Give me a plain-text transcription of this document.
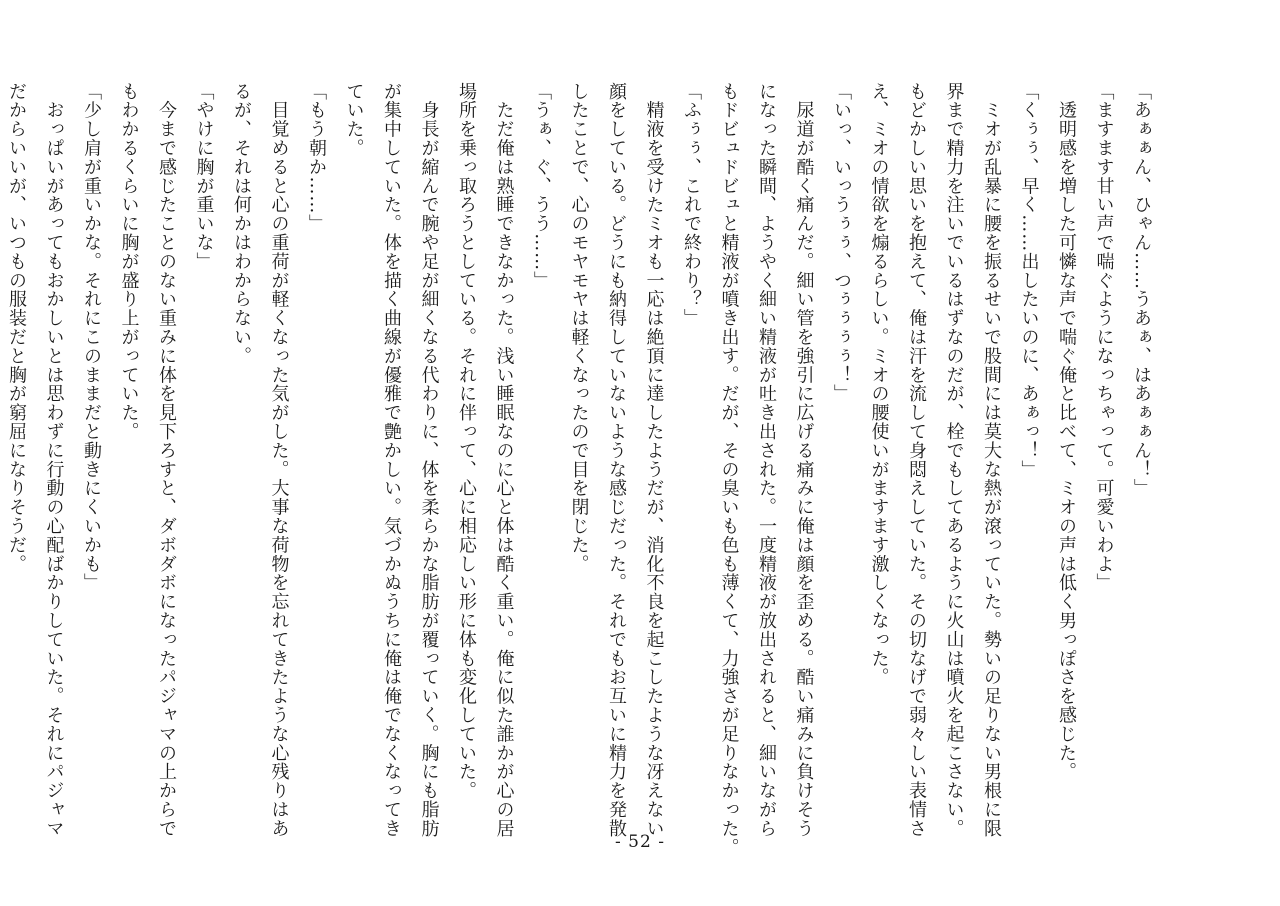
「あぁぁん、ひゃん……うあぁ、はあぁぁん！」
「ますます甘い声で喘ぐようになっちゃって。可愛いわよ」
　透明感を増した可憐な声で喘ぐ俺と比べて、ミオの声は低く男っぽさを感じた。
「くぅぅ、早く……出したいのに、あぁっ！」
　ミオが乱暴に腰を振るせいで股間には莫大な熱が滾っていた。勢いの足りない男根に限
界まで精力を注いでいるはずなのだが、栓でもしてあるように火山は噴火を起こさない。
もどかしい思いを抱えて、俺は汗を流して身悶えしていた。その切なげで弱々しい表情さ
え、ミオの情欲を煽るらしい。ミオの腰使いがますます激しくなった。
「いっ、いっうぅぅ、つぅぅぅぅ！」
　尿道が酷く痛んだ。細い管を強引に広げる痛みに俺は顔を歪める。酷い痛みに負けそう
になった瞬間、ようやく細い精液が吐き出された。一度精液が放出されると、細いながら
もドビュドビュと精液が噴き出す。だが、その臭いも色も薄くて、力強さが足りなかった。
「ふぅぅ、これで終わり？」
　精液を受けたミオも一応は絶頂に達したようだが、消化不良を起こしたような冴えない
顔をしている。どうにも納得していないような感じだった。それでもお互いに精力を発散
したことで、心のモヤモヤは軽くなったので目を閉じた。
「うぁ、ぐ、うう……」
　ただ俺は熟睡できなかった。浅い睡眠なのに心と体は酷く重い。俺に似た誰かが心の居
場所を乗っ取ろうとしている。それに伴って、心に相応しい形に体も変化していた。
　身長が縮んで腕や足が細くなる代わりに、体を柔らかな脂肪が覆っていく。胸にも脂肪
が集中していた。体を描く曲線が優雅で艶かしい。気づかぬうちに俺は俺でなくなってき
ていた。
「もう朝か……」
　目覚めると心の重荷が軽くなった気がした。大事な荷物を忘れてきたような心残りはあ
るが、それは何かはわからない。
「やけに胸が重いな」
　今まで感じたことのない重みに体を見下ろすと、ダボダボになったパジャマの上からで
もわかるくらいに胸が盛り上がっていた。
「少し肩が重いかな。それにこのままだと動きにくいかも」
　おっぱいがあってもおかしいとは思わずに行動の心配ばかりしていた。それにパジャマ
だからいいが、いつもの服装だと胸が窮屈になりそうだ。
- 52 -
